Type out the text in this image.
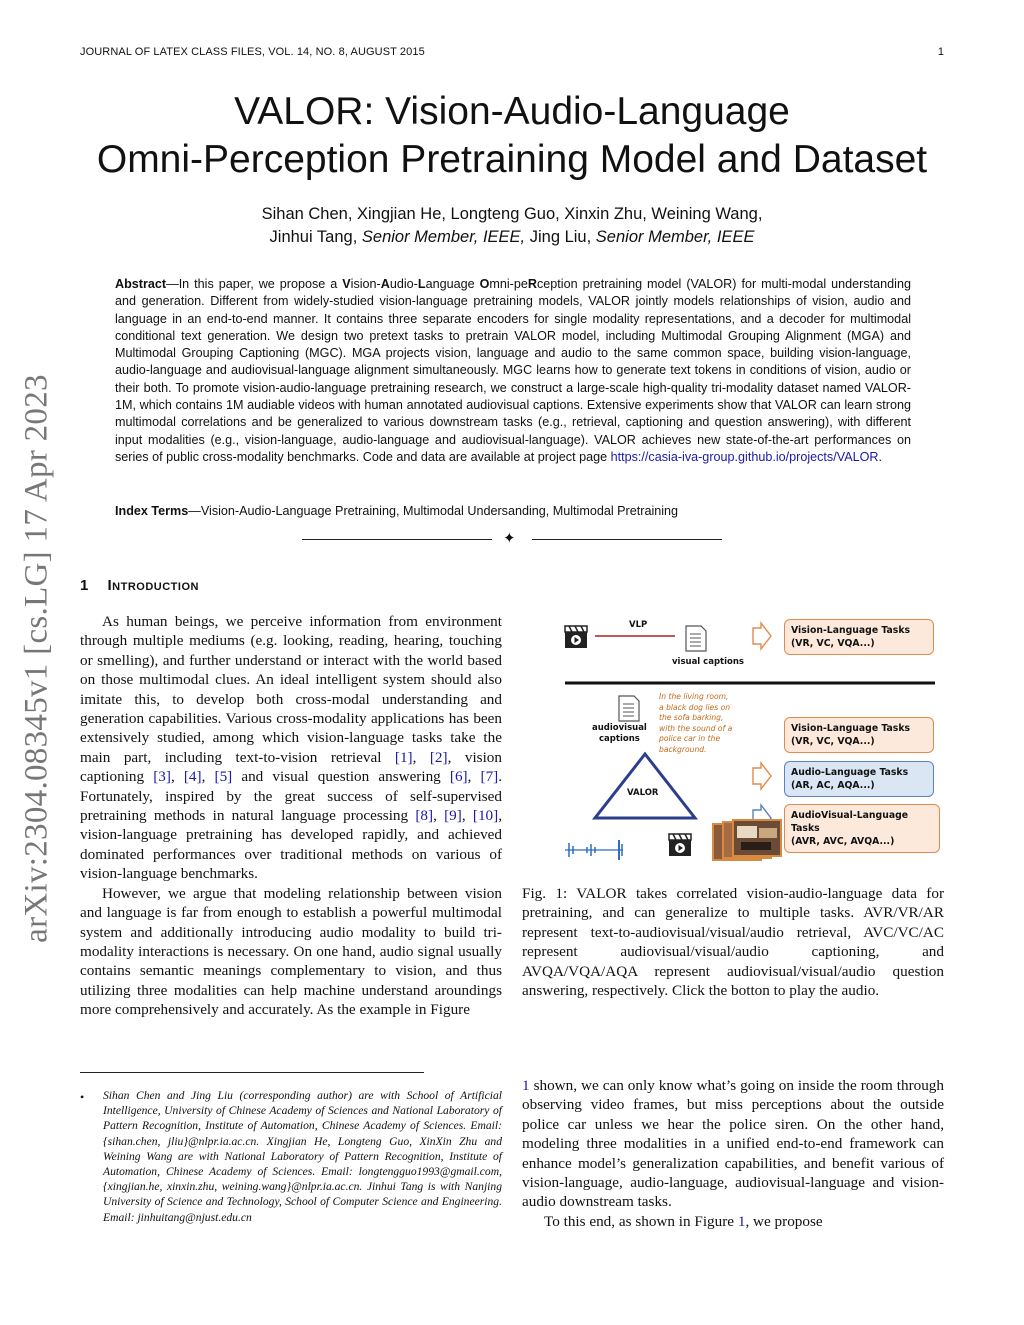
JOURNAL OF LATEX CLASS FILES, VOL. 14, NO. 8, AUGUST 2015	1
arXiv:2304.08345v1 [cs.LG] 17 Apr 2023
VALOR: Vision-Audio-Language
Omni-Perception Pretraining Model and Dataset
Sihan Chen, Xingjian He, Longteng Guo, Xinxin Zhu, Weining Wang,
Jinhui Tang, Senior Member, IEEE, Jing Liu, Senior Member, IEEE
Abstract—In this paper, we propose a Vision-Audio-Language Omni-peRception pretraining model (VALOR) for multi-modal understanding and generation. Different from widely-studied vision-language pretraining models, VALOR jointly models relationships of vision, audio and language in an end-to-end manner. It contains three separate encoders for single modality representations, and a decoder for multimodal conditional text generation. We design two pretext tasks to pretrain VALOR model, including Multimodal Grouping Alignment (MGA) and Multimodal Grouping Captioning (MGC). MGA projects vision, language and audio to the same common space, building vision-language, audio-language and audiovisual-language alignment simultaneously. MGC learns how to generate text tokens in conditions of vision, audio or their both. To promote vision-audio-language pretraining research, we construct a large-scale high-quality tri-modality dataset named VALOR-1M, which contains 1M audiable videos with human annotated audiovisual captions. Extensive experiments show that VALOR can learn strong multimodal correlations and be generalized to various downstream tasks (e.g., retrieval, captioning and question answering), with different input modalities (e.g., vision-language, audio-language and audiovisual-language). VALOR achieves new state-of-the-art performances on series of public cross-modality benchmarks. Code and data are available at project page https://casia-iva-group.github.io/projects/VALOR.
Index Terms—Vision-Audio-Language Pretraining, Multimodal Undersanding, Multimodal Pretraining
✦
1 Introduction

As human beings, we perceive information from environment through multiple mediums (e.g. looking, reading, hearing, touching or smelling), and further understand or interact with the world based on those multimodal clues. An ideal intelligent system should also imitate this, to develop both cross-modal understanding and generation capabilities. Various cross-modality applications has been extensively studied, among which vision-language tasks take the main part, including text-to-vision retrieval [1], [2], vision captioning [3], [4], [5] and visual question answering [6], [7]. Fortunately, inspired by the great success of self-supervised pretraining methods in natural language processing [8], [9], [10], vision-language pretraining has developed rapidly, and achieved dominated performances over traditional methods on various of vision-language benchmarks.

However, we argue that modeling relationship between vision and language is far from enough to establish a powerful multimodal system and additionally introducing audio modality to build tri-modality interactions is necessary. On one hand, audio signal usually contains semantic meanings complementary to vision, and thus utilizing three modalities can help machine understand aroundings more comprehensively and accurately. As the example in Figure

• Sihan Chen and Jing Liu (corresponding author) are with School of Artificial Intelligence, University of Chinese Academy of Sciences and National Laboratory of Pattern Recognition, Institute of Automation, Chinese Academy of Sciences. Email: {sihan.chen, jliu}@nlpr.ia.ac.cn. Xingjian He, Longteng Guo, XinXin Zhu and Weining Wang are with National Laboratory of Pattern Recognition, Institute of Automation, Chinese Academy of Sciences. Email: longtengguo1993@gmail.com, {xingjian.he, xinxin.zhu, weining.wang}@nlpr.ia.ac.cn. Jinhui Tang is with Nanjing University of Science and Technology, School of Computer Science and Engineering. Email: jinhuitang@njust.edu.cn
VLP
visual captions
Vision-Language Tasks
(VR, VC, VQA...)
audiovisual
captions
In the living room, a black dog lies on the sofa barking, with the sound of a police car in the background.
VALOR
Vision-Language Tasks
(VR, VC, VQA...)
Audio-Language Tasks
(AR, AC, AQA...)
AudioVisual-Language Tasks
(AVR, AVC, AVQA...)
Fig. 1: VALOR takes correlated vision-audio-language data for pretraining, and can generalize to multiple tasks. AVR/VR/AR represent text-to-audiovisual/visual/audio retrieval, AVC/VC/AC represent audiovisual/visual/audio captioning, and AVQA/VQA/AQA represent audiovisual/visual/audio question answering, respectively. Click the botton to play the audio.

1 shown, we can only know what’s going on inside the room through observing video frames, but miss perceptions about the outside police car unless we hear the police siren. On the other hand, modeling three modalities in a unified end-to-end framework can enhance model’s generalization capabilities, and benefit various of vision-language, audio-language, audiovisual-language and vision-audio downstream tasks.

To this end, as shown in Figure 1, we propose
